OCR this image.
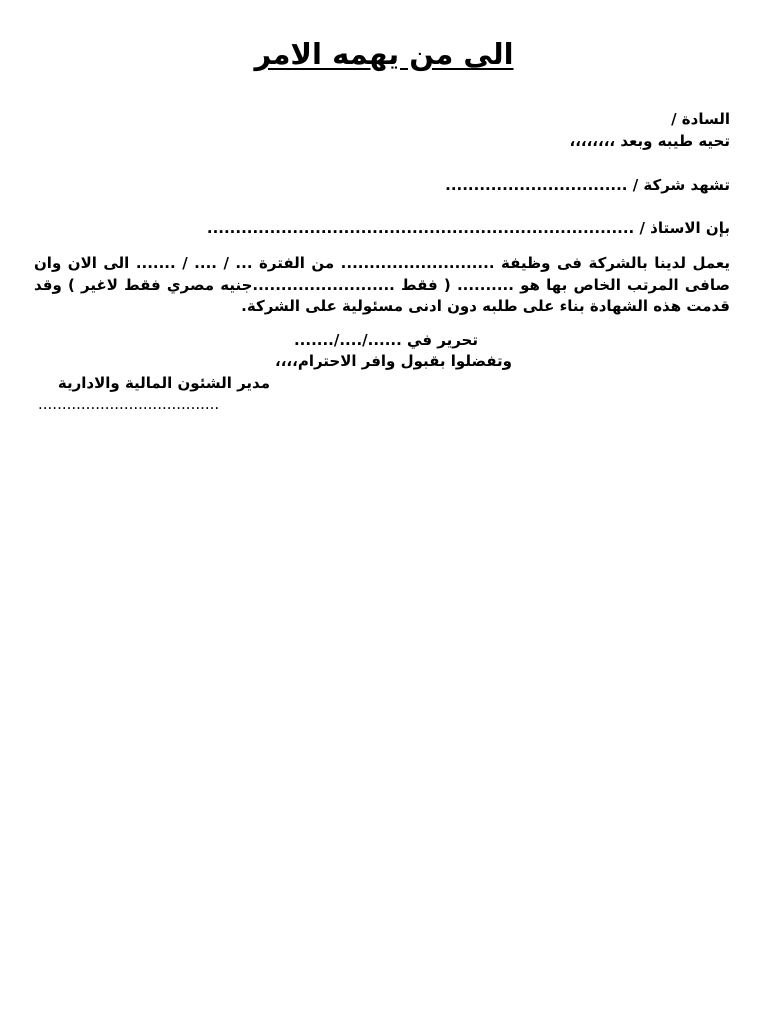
الى من يهمه الامر
السادة /
تحيه طيبه وبعد ،،،،،،،،
تشهد شركة / ................................
بإن الاستاذ / ...........................................................................
يعمل لدينا بالشركة فى وظيفة ........................... من الفترة ... / .... / ....... الى الان وان صافى المرتب الخاص بها هو .......... ( فقط .........................جنيه مصري فقط لاغير ) وقد قدمت هذه الشهادة بناء على طلبه دون ادنى مسئولية على الشركة.
تحرير في ....../..../.......
وتفضلوا بقبول وافر الاحترام،،،،
مدير الشئون المالية والادارية
......................................
